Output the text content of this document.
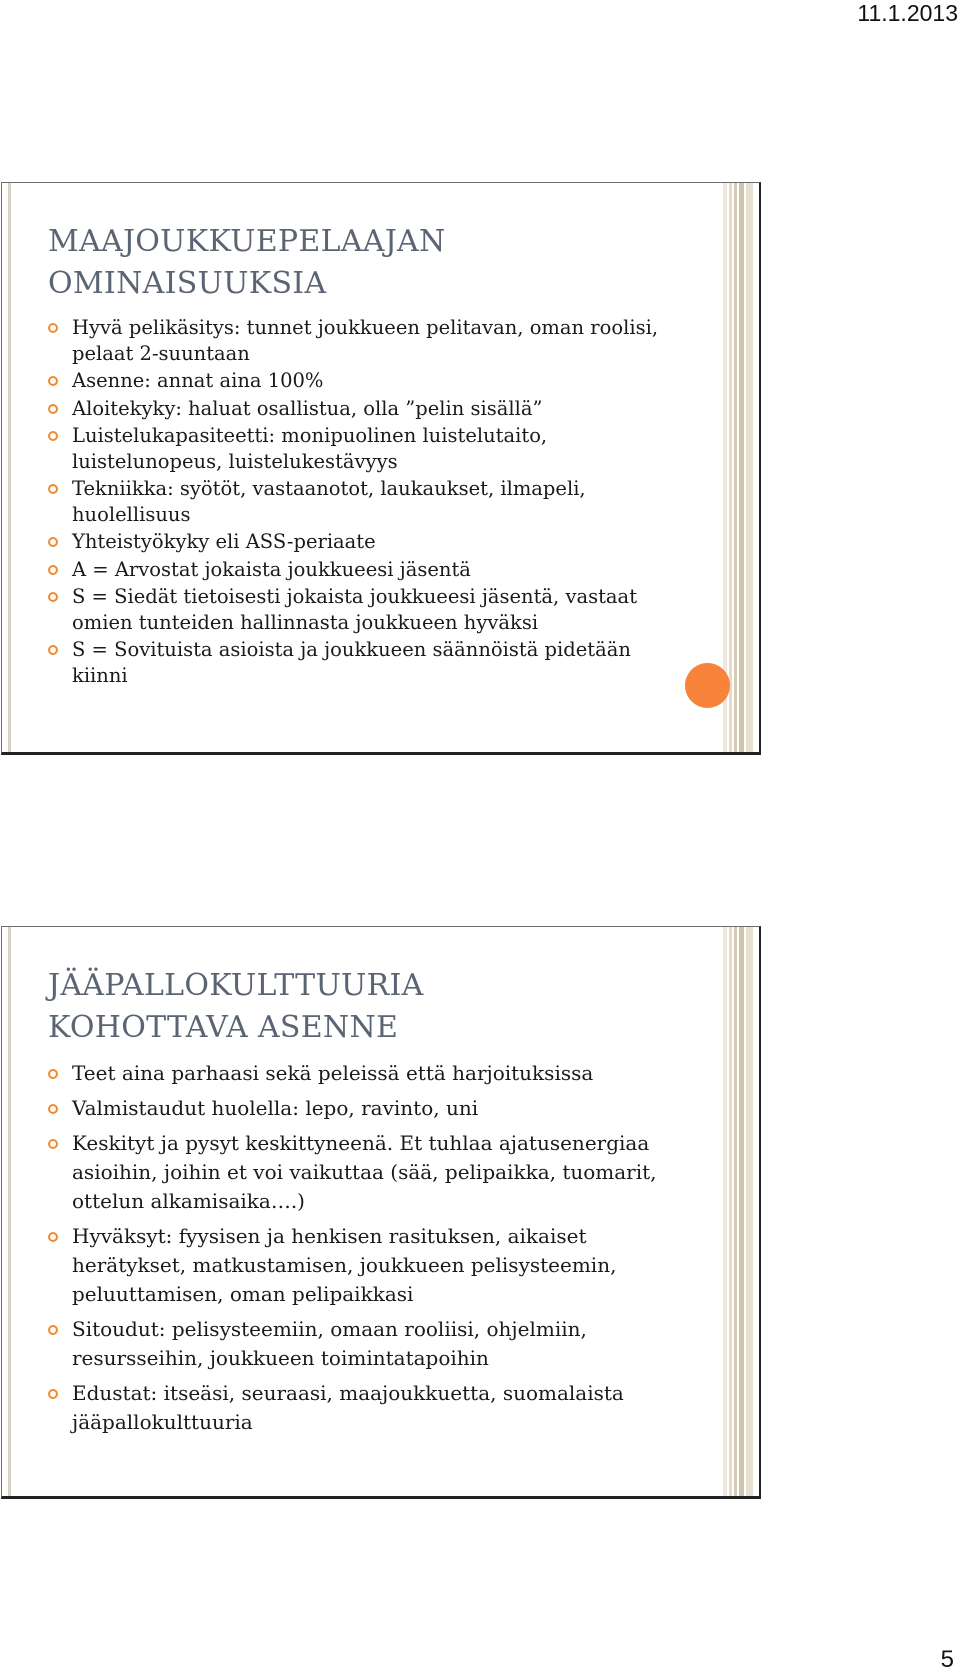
11.1.2013
MAAJOUKKUEPELAAJAN
OMINAISUUKSIA
Hyvä pelikäsitys: tunnet joukkueen pelitavan, oman roolisi, pelaat 2-suuntaan
Asenne: annat aina 100%
Aloitekyky: haluat osallistua, olla ”pelin sisällä”
Luistelukapasiteetti: monipuolinen luistelutaito, luistelunopeus, luistelukestävyys
Tekniikka: syötöt, vastaanotot, laukaukset, ilmapeli, huolellisuus
Yhteistyökyky eli ASS-periaate
A = Arvostat jokaista joukkueesi jäsentä
S = Siedät tietoisesti jokaista joukkueesi jäsentä, vastaat omien tunteiden hallinnasta joukkueen hyväksi
S = Sovituista asioista ja joukkueen säännöistä pidetään kiinni
JÄÄPALLOKULTTUURIA
KOHOTTAVA ASENNE
Teet aina parhaasi sekä peleissä että harjoituksissa
Valmistaudut huolella: lepo, ravinto, uni
Keskityt ja pysyt keskittyneenä. Et tuhlaa ajatusenergiaa asioihin, joihin et voi vaikuttaa (sää, pelipaikka, tuomarit, ottelun alkamisaika….)
Hyväksyt: fyysisen ja henkisen rasituksen, aikaiset herätykset, matkustamisen, joukkueen pelisysteemin, peluuttamisen, oman pelipaikkasi
Sitoudut: pelisysteemiin, omaan rooliisi, ohjelmiin, resursseihin, joukkueen toimintatapoihin
Edustat: itseäsi, seuraasi, maajoukkuetta, suomalaista jääpallokulttuuria
5
